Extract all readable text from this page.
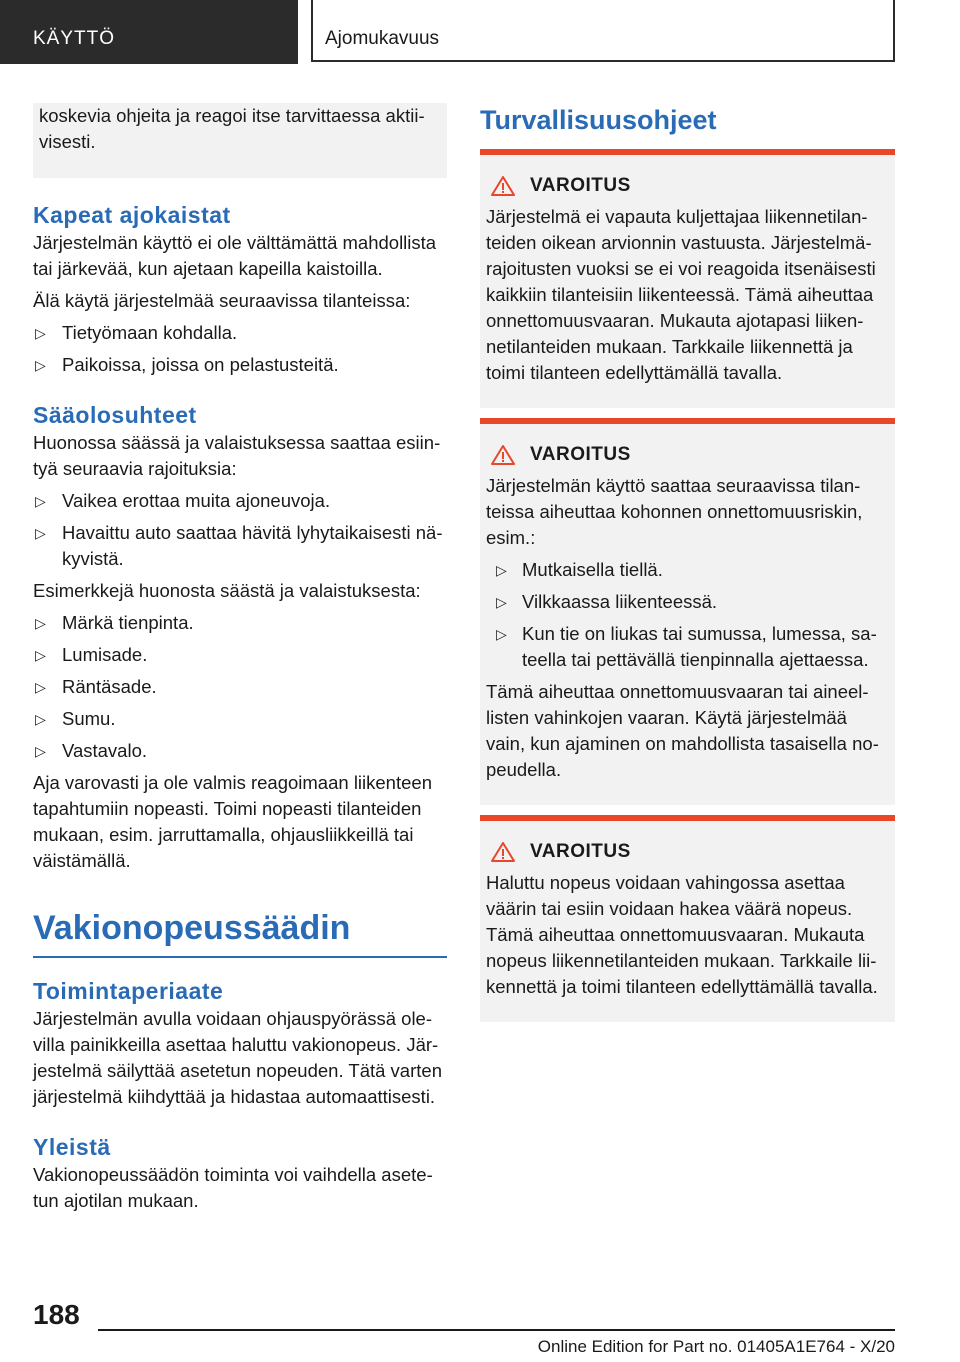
KÄYTTÖ	Ajomukavuus

koskevia ohjeita ja reagoi itse tarvittaessa aktiivisesti.

Kapeat ajokaistat

Järjestelmän käyttö ei ole välttämättä mahdollista tai järkevää, kun ajetaan kapeilla kaistoilla.

Älä käytä järjestelmää seuraavissa tilanteissa:

▷ Tietyömaan kohdalla.
▷ Paikoissa, joissa on pelastusteitä.
Sääolosuhteet

Huonossa säässä ja valaistuksessa saattaa esiintyä seuraavia rajoituksia:

▷ Vaikea erottaa muita ajoneuvoja.
▷ Havaittu auto saattaa hävitä lyhytaikaisesti näkyvistä.

Esimerkkejä huonosta säästä ja valaistuksesta:

▷ Märkä tienpinta.
▷ Lumisade.
▷ Räntäsade.
▷ Sumu.
▷ Vastavalo.

Aja varovasti ja ole valmis reagoimaan liikenteen tapahtumiin nopeasti. Toimi nopeasti tilanteiden mukaan, esim. jarruttamalla, ohjausliikkeillä tai väistämällä.

Vakionopeussäädin
Toimintaperiaate

Järjestelmän avulla voidaan ohjauspyörässä olevilla painikkeilla asettaa haluttu vakionopeus. Järjestelmä säilyttää asetetun nopeuden. Tätä varten järjestelmä kiihdyttää ja hidastaa automaattisesti.

Yleistä

Vakionopeussäädön toiminta voi vaihdella asetetun ajotilan mukaan.

Turvallisuusohjeet
VAROITUS

Järjestelmä ei vapauta kuljettajaa liikennetilanteiden oikean arvionnin vastuusta. Järjestelmärajoitusten vuoksi se ei voi reagoida itsenäisesti kaikkiin tilanteisiin liikenteessä. Tämä aiheuttaa onnettomuusvaaran. Mukauta ajotapasi liikennetilanteiden mukaan. Tarkkaile liikennettä ja toimi tilanteen edellyttämällä tavalla.

VAROITUS

Järjestelmän käyttö saattaa seuraavissa tilanteissa aiheuttaa kohonnen onnettomuusriskin, esim.:

▷ Mutkaisella tiellä.
▷ Vilkkaassa liikenteessä.
▷ Kun tie on liukas tai sumussa, lumessa, sateella tai pettävällä tienpinnalla ajettaessa.

Tämä aiheuttaa onnettomuusvaaran tai aineellisten vahinkojen vaaran. Käytä järjestelmää vain, kun ajaminen on mahdollista tasaisella nopeudella.

VAROITUS

Haluttu nopeus voidaan vahingossa asettaa väärin tai esiin voidaan hakea väärä nopeus. Tämä aiheuttaa onnettomuusvaaran. Mukauta nopeus liikennetilanteiden mukaan. Tarkkaile liikennettä ja toimi tilanteen edellyttämällä tavalla.

188
Online Edition for Part no. 01405A1E764 - X/20
